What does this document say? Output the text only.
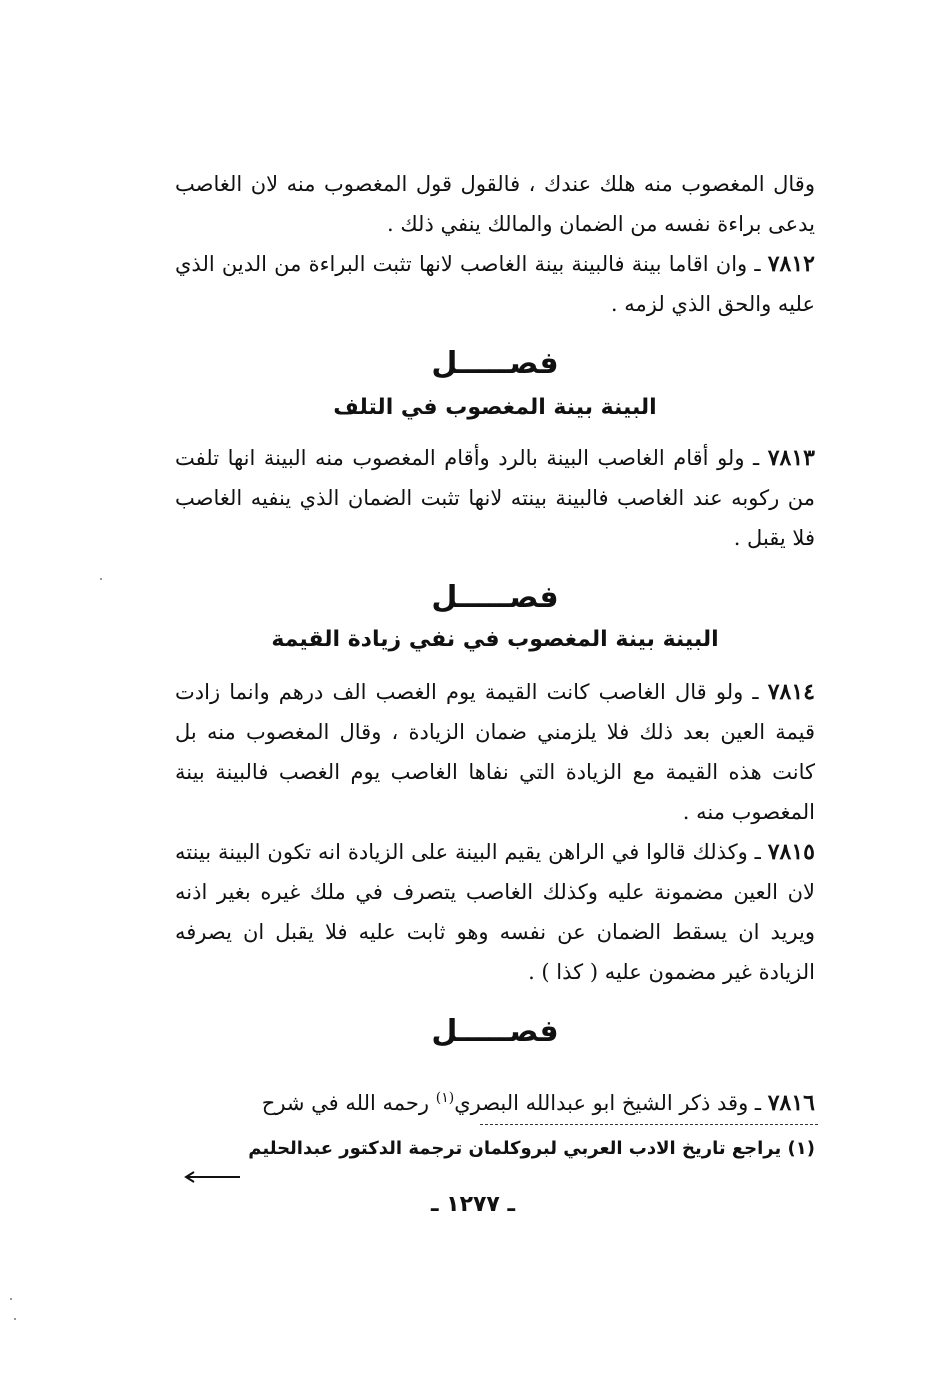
وقال المغصوب منه هلك عندك ، فالقول قول المغصوب منه لان الغاصب يدعى براءة نفسه من الضمان والمالك ينفي ذلك .

٧٨١٢ ـ وان اقاما بينة فالبينة بينة الغاصب لانها تثبت البراءة من الدين الذي عليه والحق الذي لزمه .

فصـــــل
البينة بينة المغصوب في التلف

٧٨١٣ ـ ولو أقام الغاصب البينة بالرد وأقام المغصوب منه البينة انها تلفت من ركوبه عند الغاصب فالبينة بينته لانها تثبت الضمان الذي ينفيه الغاصب فلا يقبل .

فصـــــل
البينة بينة المغصوب في نفي زيادة القيمة

٧٨١٤ ـ ولو قال الغاصب كانت القيمة يوم الغصب الف درهم وانما زادت قيمة العين بعد ذلك فلا يلزمني ضمان الزيادة ، وقال المغصوب منه بل كانت هذه القيمة مع الزيادة التي نفاها الغاصب يوم الغصب فالبينة بينة المغصوب منه .

٧٨١٥ ـ وكذلك قالوا في الراهن يقيم البينة على الزيادة انه تكون البينة بينته لان العين مضمونة عليه وكذلك الغاصب يتصرف في ملك غيره بغير اذنه ويريد ان يسقط الضمان عن نفسه وهو ثابت عليه فلا يقبل ان يصرفه الزيادة غير مضمون عليه ( كذا ) .

فصـــــل

٧٨١٦ ـ وقد ذكر الشيخ ابو عبدالله البصري$^{(١)}$ رحمه الله في شرح

(١) يراجع تاريخ الادب العربي لبروكلمان ترجمة الدكتور عبدالحليم
ـ ١٢٧٧ ـ
